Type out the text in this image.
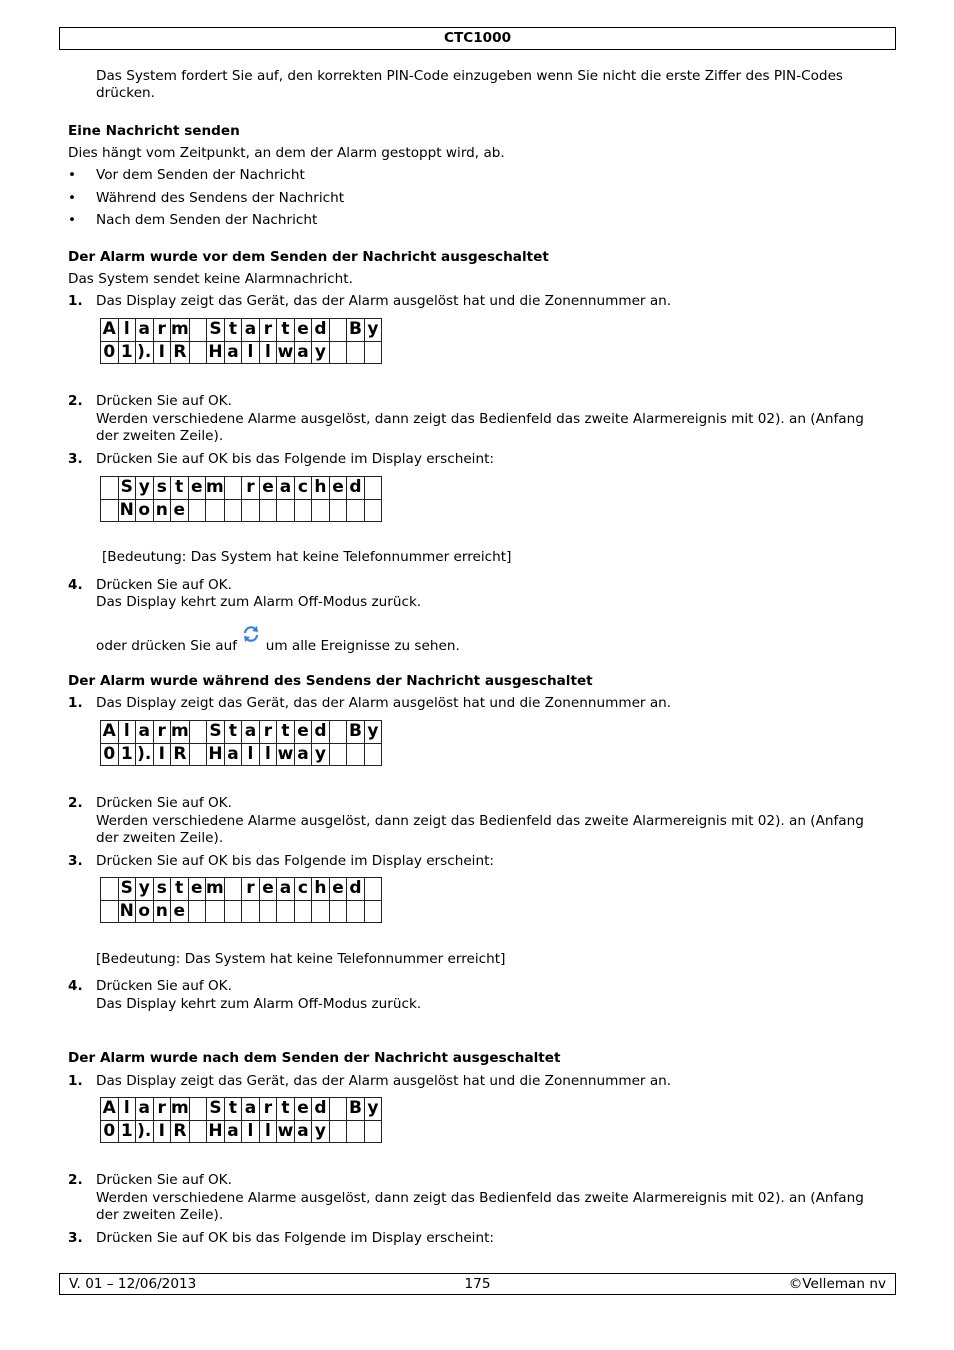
CTC1000
Das System fordert Sie auf, den korrekten PIN-Code einzugeben wenn Sie nicht die erste Ziffer des PIN-Codes drücken.
Eine Nachricht senden
Dies hängt vom Zeitpunkt, an dem der Alarm gestoppt wird, ab.
• Vor dem Senden der Nachricht
• Während des Sendens der Nachricht
• Nach dem Senden der Nachricht
Der Alarm wurde vor dem Senden der Nachricht ausgeschaltet
Das System sendet keine Alarmnachricht.
1. Das Display zeigt das Gerät, das der Alarm ausgelöst hat und die Zonennummer an.
A	l	a	r	m		S	t	a	r	t	e	d		B	y
0	1	).	I	R		H	a	l	l	w	a	y			
2. Drücken Sie auf OK.
Werden verschiedene Alarme ausgelöst, dann zeigt das Bedienfeld das zweite Alarmereignis mit 02). an (Anfang der zweiten Zeile).
3. Drücken Sie auf OK bis das Folgende im Display erscheint:
	S	y	s	t	e	m		r	e	a	c	h	e	d	
	N	o	n	e											
[Bedeutung: Das System hat keine Telefonnummer erreicht]
4. Drücken Sie auf OK.
Das Display kehrt zum Alarm Off-Modus zurück.
oder drücken Sie auf um alle Ereignisse zu sehen.
Der Alarm wurde während des Sendens der Nachricht ausgeschaltet
1. Das Display zeigt das Gerät, das der Alarm ausgelöst hat und die Zonennummer an.
A	l	a	r	m		S	t	a	r	t	e	d		B	y
0	1	).	I	R		H	a	l	l	w	a	y			
2. Drücken Sie auf OK.
Werden verschiedene Alarme ausgelöst, dann zeigt das Bedienfeld das zweite Alarmereignis mit 02). an (Anfang der zweiten Zeile).
3. Drücken Sie auf OK bis das Folgende im Display erscheint:
	S	y	s	t	e	m		r	e	a	c	h	e	d	
	N	o	n	e											
[Bedeutung: Das System hat keine Telefonnummer erreicht]
4. Drücken Sie auf OK.
Das Display kehrt zum Alarm Off-Modus zurück.
Der Alarm wurde nach dem Senden der Nachricht ausgeschaltet
1. Das Display zeigt das Gerät, das der Alarm ausgelöst hat und die Zonennummer an.
A	l	a	r	m		S	t	a	r	t	e	d		B	y
0	1	).	I	R		H	a	l	l	w	a	y			
2. Drücken Sie auf OK.
Werden verschiedene Alarme ausgelöst, dann zeigt das Bedienfeld das zweite Alarmereignis mit 02). an (Anfang der zweiten Zeile).
3. Drücken Sie auf OK bis das Folgende im Display erscheint:
V. 01 – 12/06/2013	175	©Velleman nv
